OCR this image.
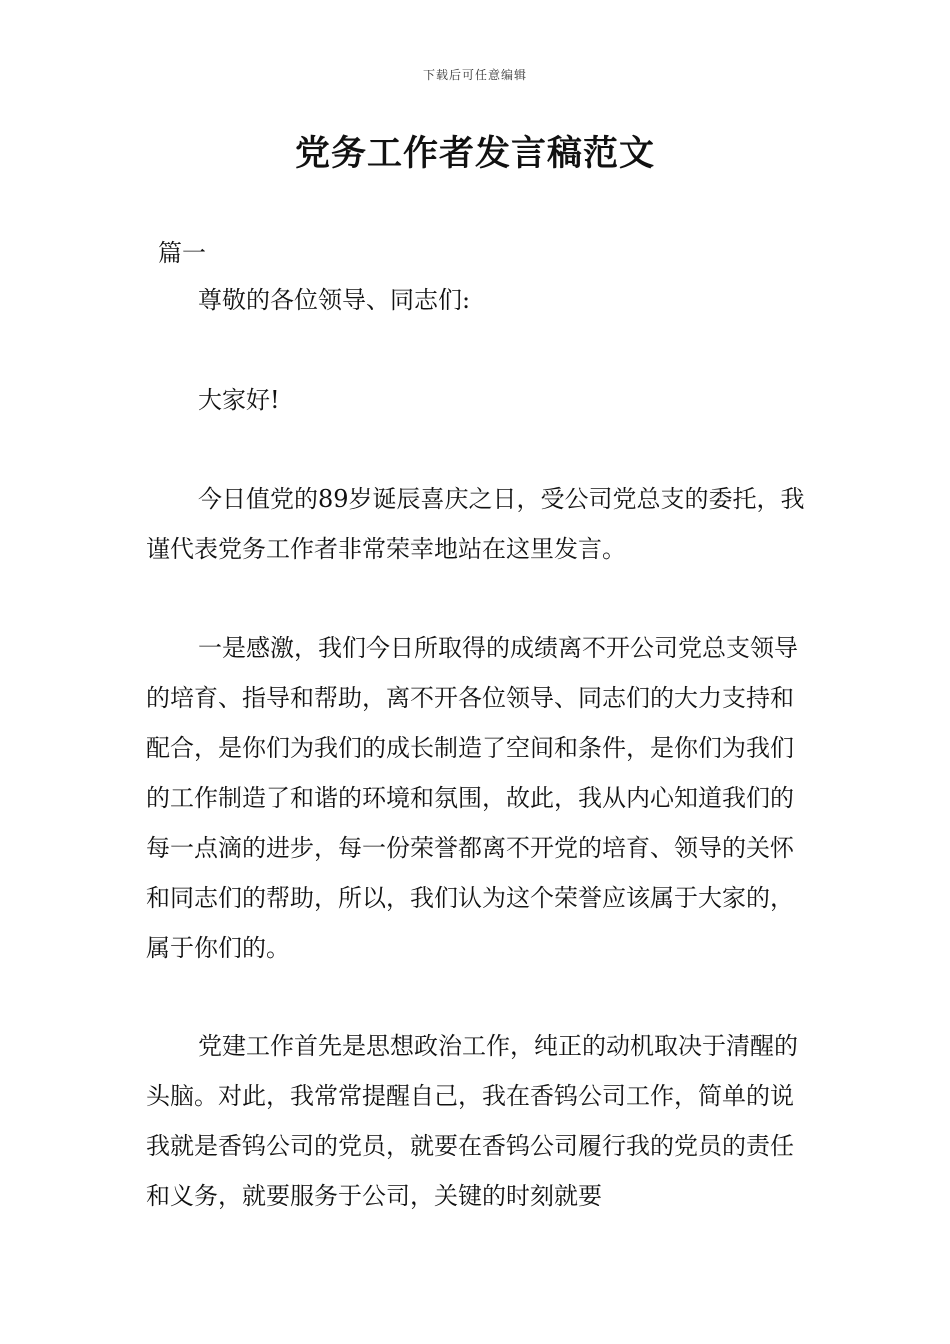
下载后可任意编辑
党务工作者发言稿范文
篇一

尊敬的各位领导、同志们:

大家好!

今日值党的89岁诞辰喜庆之日，受公司党总支的委托，我谨代表党务工作者非常荣幸地站在这里发言。

一是感激，我们今日所取得的成绩离不开公司党总支领导的培育、指导和帮助，离不开各位领导、同志们的大力支持和配合，是你们为我们的成长制造了空间和条件，是你们为我们的工作制造了和谐的环境和氛围，故此，我从内心知道我们的每一点滴的进步，每一份荣誉都离不开党的培育、领导的关怀和同志们的帮助，所以，我们认为这个荣誉应该属于大家的，属于你们的。

党建工作首先是思想政治工作，纯正的动机取决于清醒的头脑。对此，我常常提醒自己，我在香钨公司工作，简单的说我就是香钨公司的党员，就要在香钨公司履行我的党员的责任和义务，就要服务于公司，关键的时刻就要
